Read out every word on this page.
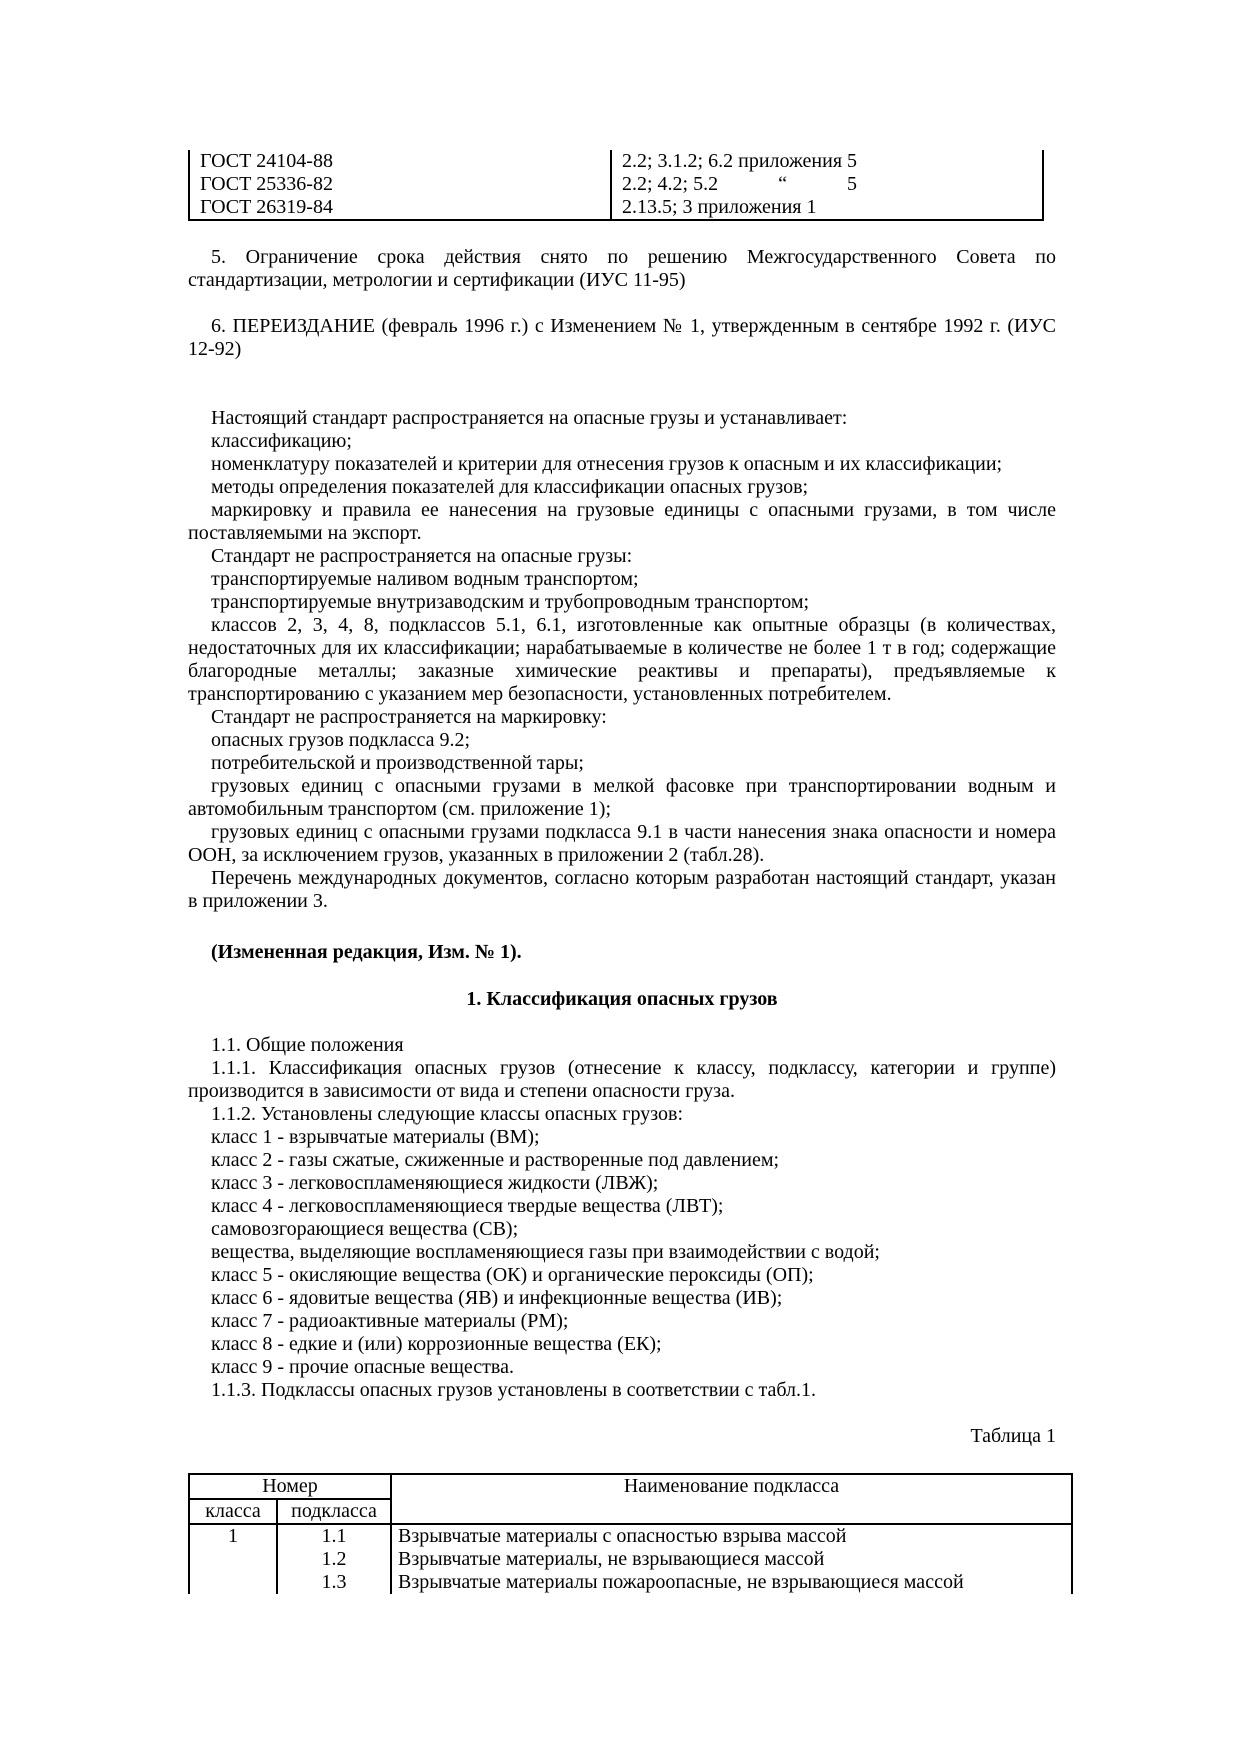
ГОСТ 24104-88	2.2; 3.1.2; 6.2 приложения 5
ГОСТ 25336-82	2.2; 4.2; 5.2            “            5
ГОСТ 26319-84	2.13.5; 3 приложения 1

5. Ограничение срока действия снято по решению Межгосударственного Совета по стандартизации, метрологии и сертификации (ИУС 11-95)

6. ПЕРЕИЗДАНИЕ (февраль 1996 г.) с Изменением № 1, утвержденным в сентябре 1992 г. (ИУС 12-92)

Настоящий стандарт распространяется на опасные грузы и устанавливает:

классификацию;

номенклатуру показателей и критерии для отнесения грузов к опасным и их классификации;

методы определения показателей для классификации опасных грузов;

маркировку и правила ее нанесения на грузовые единицы с опасными грузами, в том числе поставляемыми на экспорт.

Стандарт не распространяется на опасные грузы:

транспортируемые наливом водным транспортом;

транспортируемые внутризаводским и трубопроводным транспортом;

классов 2, 3, 4, 8, подклассов 5.1, 6.1, изготовленные как опытные образцы (в количествах, недостаточных для их классификации; нарабатываемые в количестве не более 1 т в год; содержащие благородные металлы; заказные химические реактивы и препараты), предъявляемые к транспортированию с указанием мер безопасности, установленных потребителем.

Стандарт не распространяется на маркировку:

опасных грузов подкласса 9.2;

потребительской и производственной тары;

грузовых единиц с опасными грузами в мелкой фасовке при транспортировании водным и автомобильным транспортом (см. приложение 1);

грузовых единиц с опасными грузами подкласса 9.1 в части нанесения знака опасности и номера ООН, за исключением грузов, указанных в приложении 2 (табл.28).

Перечень международных документов, согласно которым разработан настоящий стандарт, указан в приложении 3.

(Измененная редакция, Изм. № 1).

1. Классификация опасных грузов

1.1. Общие положения

1.1.1. Классификация опасных грузов (отнесение к классу, подклассу, категории и группе) производится в зависимости от вида и степени опасности груза.

1.1.2. Установлены следующие классы опасных грузов:

класс 1 - взрывчатые материалы (ВМ);

класс 2 - газы сжатые, сжиженные и растворенные под давлением;

класс 3 - легковоспламеняющиеся жидкости (ЛВЖ);

класс 4 - легковоспламеняющиеся твердые вещества (ЛВТ);

самовозгорающиеся вещества (СВ);

вещества, выделяющие воспламеняющиеся газы при взаимодействии с водой;

класс 5 - окисляющие вещества (ОК) и органические пероксиды (ОП);

класс 6 - ядовитые вещества (ЯВ) и инфекционные вещества (ИВ);

класс 7 - радиоактивные материалы (РМ);

класс 8 - едкие и (или) коррозионные вещества (ЕК);

класс 9 - прочие опасные вещества.

1.1.3. Подклассы опасных грузов установлены в соответствии с табл.1.

Таблица 1

Номер		Наименование подкласса
класса	подкласса	
1	1.1	Взрывчатые материалы с опасностью взрыва массой
	1.2	Взрывчатые материалы, не взрывающиеся массой
	1.3	Взрывчатые материалы пожароопасные, не взрывающиеся массой
